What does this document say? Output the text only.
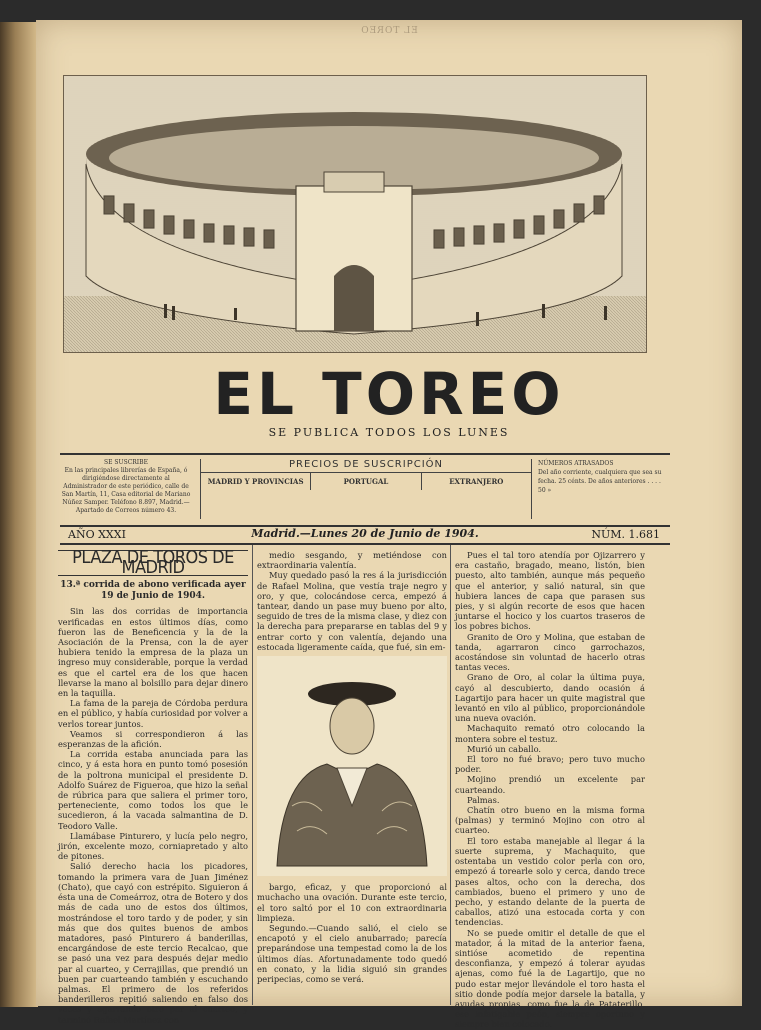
EL TOREO
EL TOREO
SE PUBLICA TODOS LOS LUNES
SE SUSCRIBE
En las principales librerías de España, ó dirigiéndose directamente al Administrador de este periódico, calle de San Martín, 11, Casa editorial de Mariano Núñez Samper. Teléfono 8.897, Madrid.—Apartado de Correos número 43.
PRECIOS DE SUSCRIPCIÓN
MADRID Y PROVINCIAS	PORTUGAL	EXTRANJERO
NÚMEROS ATRASADOS
Del año corriente, cualquiera que sea su fecha. 25 cénts. De años anteriores . . . . 50 »
AÑO XXXI	Madrid.—Lunes 20 de Junio de 1904.	NÚM. 1.681
PLAZA DE TOROS DE MADRID
13.ª corrida de abono verificada ayer 19 de Junio de 1904.

Sin las dos corridas de importancia verificadas en estos últimos días, como fueron las de Beneficencia y la de la Asociación de la Prensa, con la de ayer hubiera tenido la empresa de la plaza un ingreso muy considerable, porque la verdad es que el cartel era de los que hacen llevarse la mano al bolsillo para dejar dinero en la taquilla.

La fama de la pareja de Córdoba perdura en el público, y había curiosidad por volver a verlos torear juntos.

Veamos si correspondieron á las esperanzas de la afición.

La corrida estaba anunciada para las cinco, y á esta hora en punto tomó posesión de la poltrona municipal el presidente D. Adolfo Suárez de Figueroa, que hizo la señal de rúbrica para que saliera el primer toro, perteneciente, como todos los que le sucedieron, á la vacada salmantina de D. Teodoro Valle.

Llamábase Pinturero, y lucía pelo negro, jirón, excelente mozo, corniapretado y alto de pitones.

Salió derecho hacia los picadores, tomando la primera vara de Juan Jiménez (Chato), que cayó con estrépito. Siguieron á ésta una de Comeárroz, otra de Botero y dos más de cada uno de estos dos últimos, mostrándose el toro tardo y de poder, y sin más que dos quites buenos de ambos matadores, pasó Pinturero á banderillas, encargándose de este tercio Recalcao, que se pasó una vez para después dejar medio par al cuarteo, y Cerrajillas, que prendió un buen par cuarteando también y escuchando palmas. El primero de los referidos banderilleros repitió saliendo en falso dos veces y agarrando otro par al cuarteo, y terminó Rafael Martínez con

medio sesgando, y metiéndose con extraordinaria valentía.

Muy quedado pasó la res á la jurisdicción de Rafael Molina, que vestía traje negro y oro, y que, colocándose cerca, empezó á tantear, dando un pase muy bueno por alto, seguido de tres de la misma clase, y diez con la derecha para prepararse en tablas del 9 y entrar corto y con valentía, dejando una estocada ligeramente caída, que fué, sin em-

bargo, eficaz, y que proporcionó al muchacho una ovación. Durante este tercio, el toro saltó por el 10 con extraordinaria limpieza.

Segundo.—Cuando salió, el cielo se encapotó y el cielo anubarrado; parecía preparándose una tempestad como la de los últimos días. Afortunadamente todo quedó en conato, y la lidia siguió sin grandes peripecias, como se verá.

Pues el tal toro atendía por Ojizarrero y era castaño, bragado, meano, listón, bien puesto, alto también, aunque más pequeño que el anterior, y salió natural, sin que hubiera lances de capa que parasen sus pies, y si algún recorte de esos que hacen juntarse el hocico y los cuartos traseros de los pobres bichos.

Granito de Oro y Molina, que estaban de tanda, agarraron cinco garrochazos, acostándose sin voluntad de hacerlo otras tantas veces.

Grano de Oro, al colar la última puya, cayó al descubierto, dando ocasión á Lagartijo para hacer un quite magistral que levantó en vilo al público, proporcionándole una nueva ovación.

Machaquito remató otro colocando la montera sobre el testuz.

Murió un caballo.

El toro no fué bravo; pero tuvo mucho poder.

Mojino prendió un excelente par cuarteando.

Palmas.

Chatín otro bueno en la misma forma (palmas) y terminó Mojino con otro al cuarteo.

El toro estaba manejable al llegar á la suerte suprema, y Machaquito, que ostentaba un vestido color perla con oro, empezó á torearle solo y cerca, dando trece pases altos, ocho con la derecha, dos cambiados, bueno el primero y uno de pecho, y estando delante de la puerta de caballos, atizó una estocada corta y con tendencias.

No se puede omitir el detalle de que el matador, á la mitad de la anterior faena, sintióse acometido de repentina desconfianza, y empezó á tolerar ayudas ajenas, como fué la de Lagartijo, que no pudo estar mejor llevándole el toro hasta el sitio donde podía mejor darsele la batalla, y ayudas propias, como fue la de Pataterillo, ese infatigable peón, siempre oportuno y siempre bien colocado.
